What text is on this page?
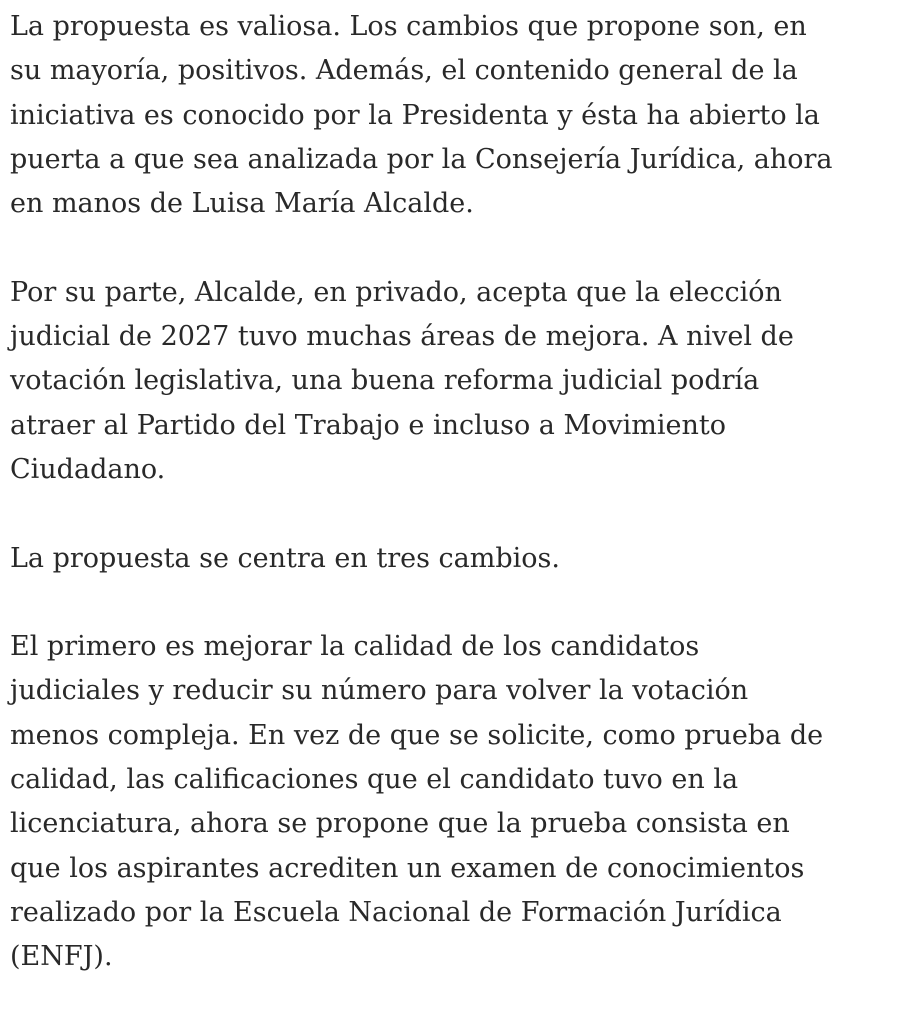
La propuesta es valiosa. Los cambios que propone son, en
su mayoría, positivos. Además, el contenido general de la
iniciativa es conocido por la Presidenta y ésta ha abierto la
puerta a que sea analizada por la Consejería Jurídica, ahora
en manos de Luisa María Alcalde.

Por su parte, Alcalde, en privado, acepta que la elección
judicial de 2027 tuvo muchas áreas de mejora. A nivel de
votación legislativa, una buena reforma judicial podría
atraer al Partido del Trabajo e incluso a Movimiento
Ciudadano.

La propuesta se centra en tres cambios.

El primero es mejorar la calidad de los candidatos
judiciales y reducir su número para volver la votación
menos compleja. En vez de que se solicite, como prueba de
calidad, las calificaciones que el candidato tuvo en la
licenciatura, ahora se propone que la prueba consista en
que los aspirantes acrediten un examen de conocimientos
realizado por la Escuela Nacional de Formación Jurídica
(ENFJ).
